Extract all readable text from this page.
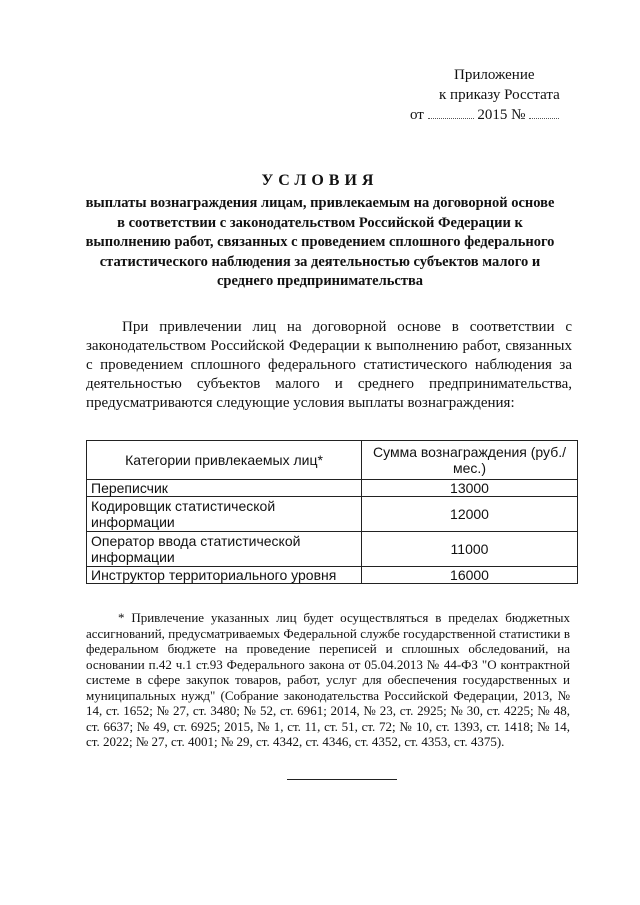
Приложение
к приказу Росстата
от	2015 №
УСЛОВИЯ
выплаты вознаграждения лицам, привлекаемым на договорной основе в соответствии с законодательством Российской Федерации к выполнению работ, связанных с проведением сплошного федерального статистического наблюдения за деятельностью субъектов малого и среднего предпринимательства
При привлечении лиц на договорной основе в соответствии с законодательством Российской Федерации к выполнению работ, связанных с проведением сплошного федерального статистического наблюдения за деятельностью субъектов малого и среднего предпринимательства, предусматриваются следующие условия выплаты вознаграждения:
Категории привлекаемых лиц*	Сумма вознаграждения (руб./мес.)
Переписчик	13000
Кодировщик статистической информации	12000
Оператор ввода статистической информации	11000
Инструктор территориального уровня	16000
* Привлечение указанных лиц будет осуществляться в пределах бюджетных ассигнований, предусматриваемых Федеральной службе государственной статистики в федеральном бюджете на проведение переписей и сплошных обследований, на основании п.42 ч.1 ст.93 Федерального закона от 05.04.2013 № 44-ФЗ "О контрактной системе в сфере закупок товаров, работ, услуг для обеспечения государственных и муниципальных нужд" (Собрание законодательства Российской Федерации, 2013, № 14, ст. 1652; № 27, ст. 3480; № 52, ст. 6961; 2014, № 23, ст. 2925; № 30, ст. 4225; № 48, ст. 6637; № 49, ст. 6925; 2015, № 1, ст. 11, ст. 51, ст. 72; № 10, ст. 1393, ст. 1418; № 14, ст. 2022; № 27, ст. 4001; № 29, ст. 4342, ст. 4346, ст. 4352, ст. 4353, ст. 4375).
